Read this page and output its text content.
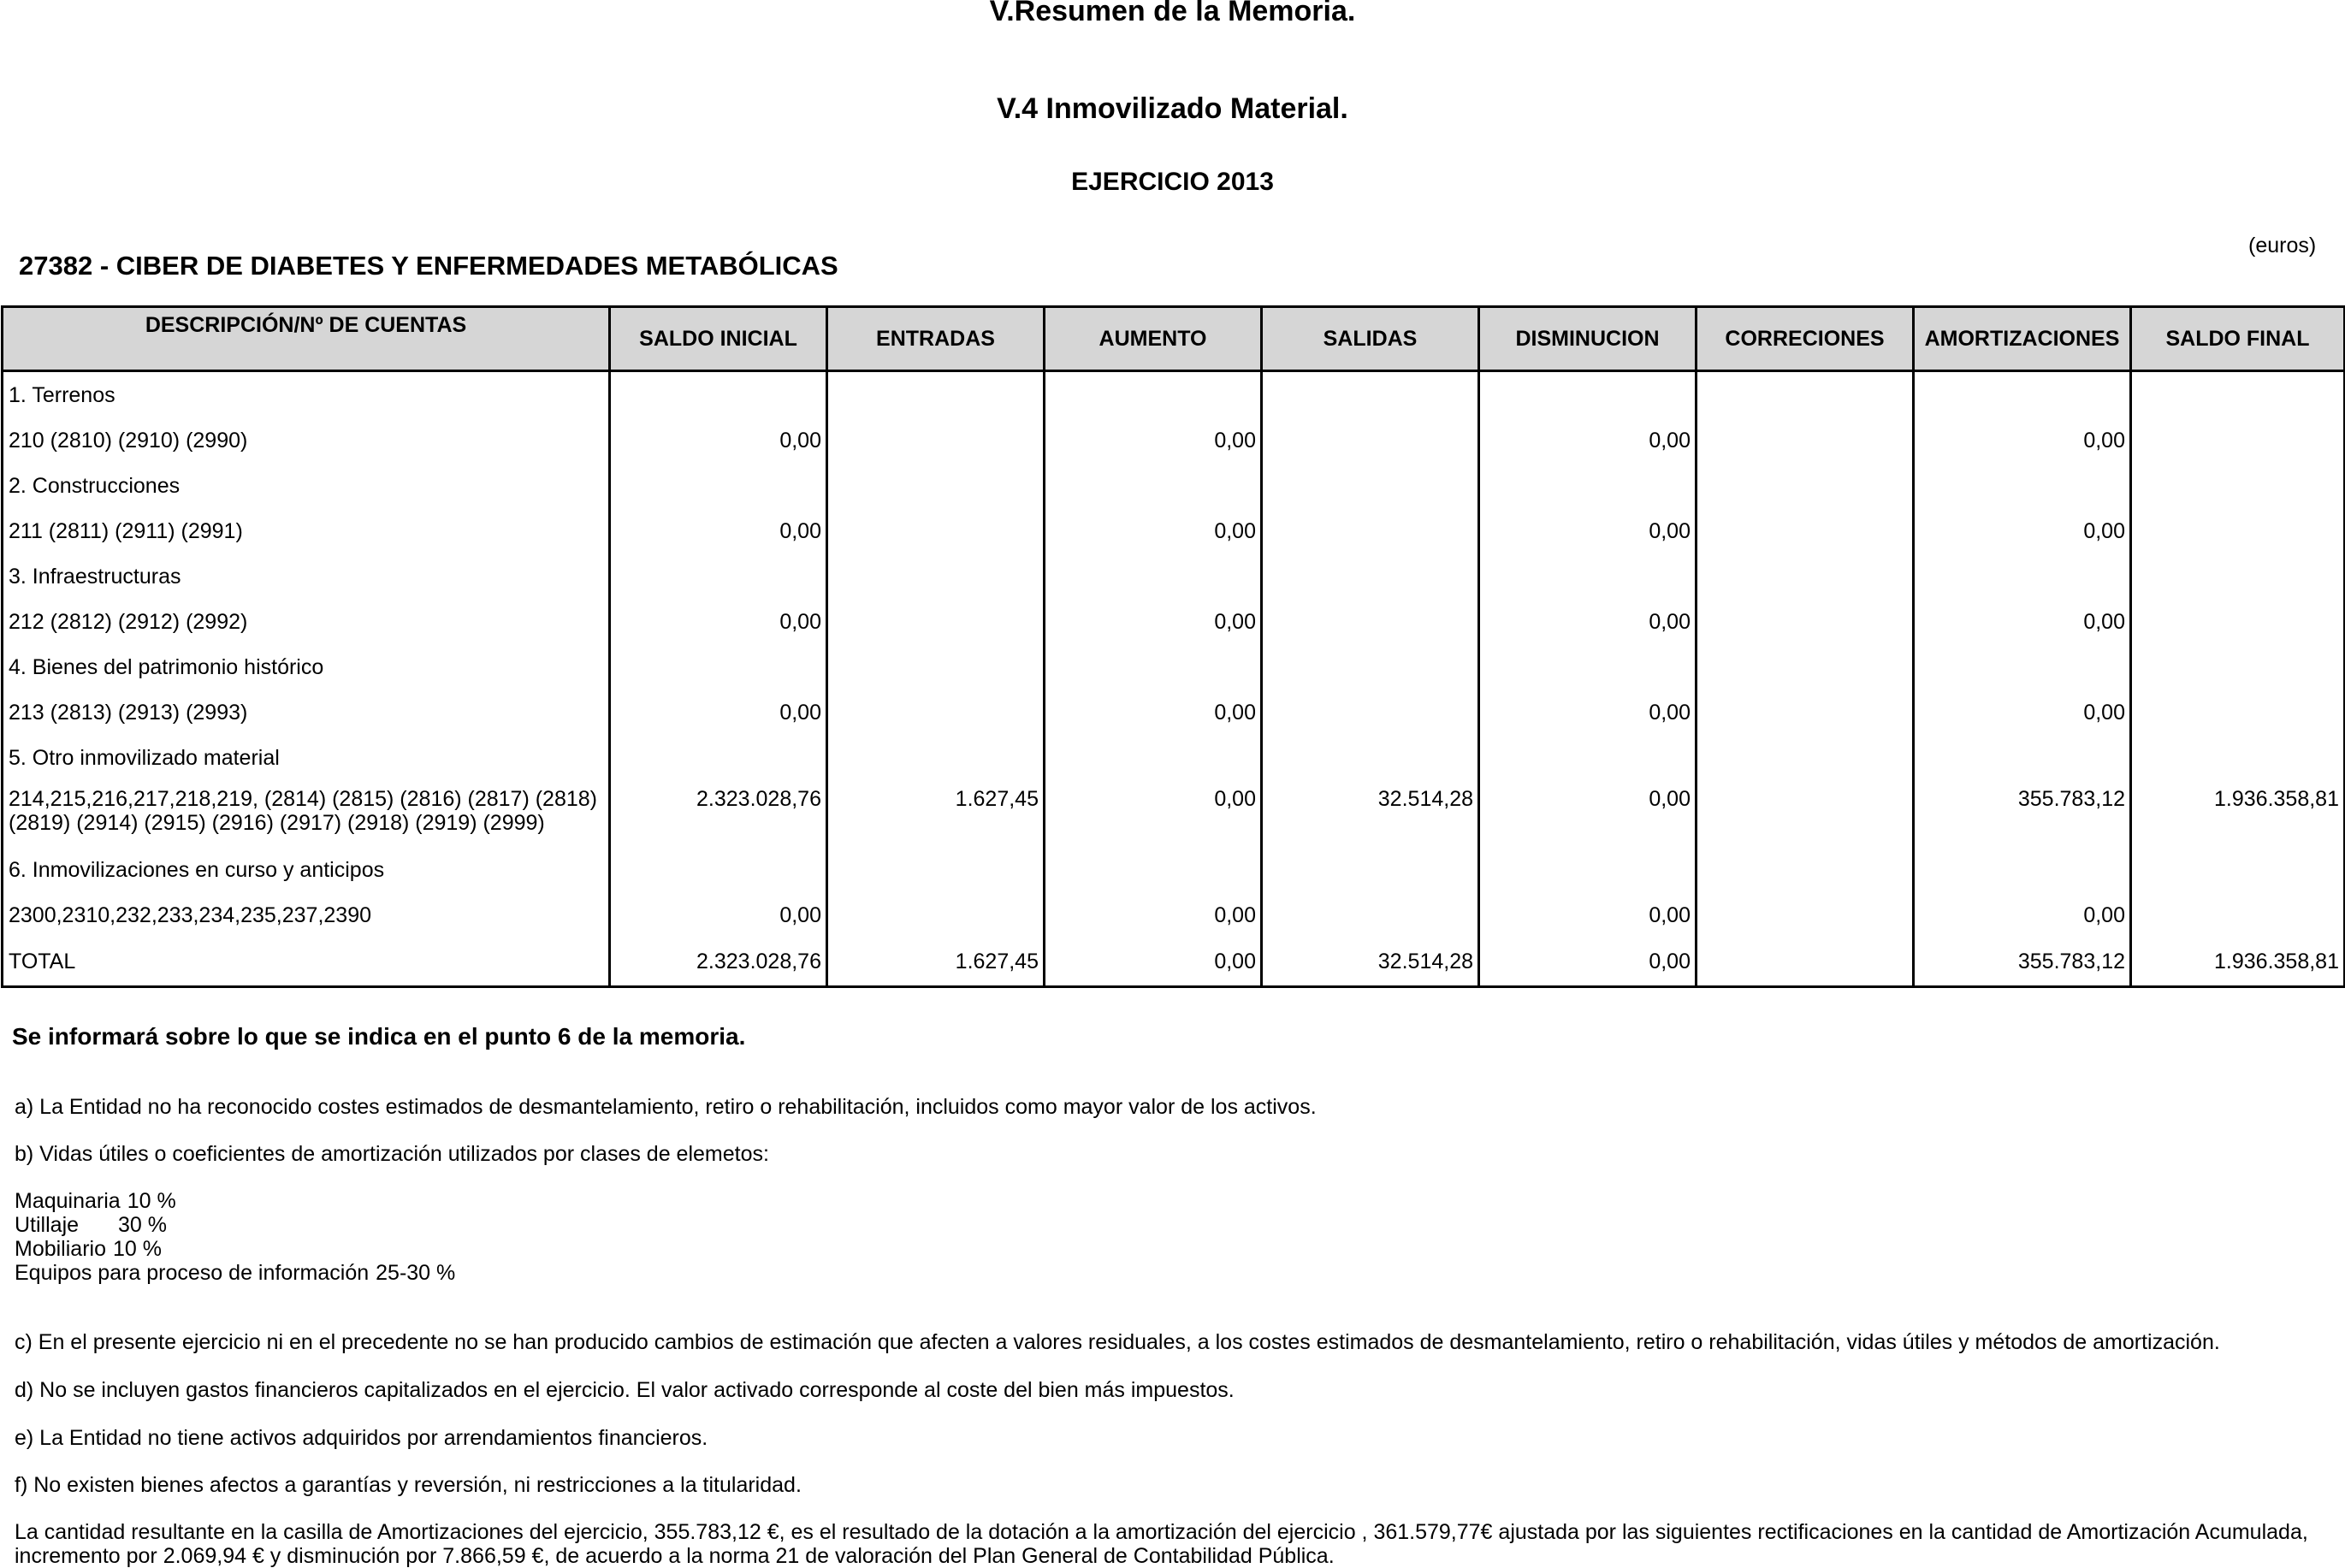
V.Resumen de la Memoria.
V.4 Inmovilizado Material.
EJERCICIO 2013
27382 - CIBER DE DIABETES Y ENFERMEDADES METABÓLICAS
(euros)
DESCRIPCIÓN/Nº DE CUENTAS	SALDO INICIAL	ENTRADAS	AUMENTO	SALIDAS	DISMINUCION	CORRECIONES	AMORTIZACIONES	SALDO FINAL
1. Terrenos								
210 (2810) (2910) (2990)	0,00		0,00		0,00		0,00	
2. Construcciones								
211 (2811) (2911) (2991)	0,00		0,00		0,00		0,00	
3. Infraestructuras								
212 (2812) (2912) (2992)	0,00		0,00		0,00		0,00	
4. Bienes del patrimonio histórico								
213 (2813) (2913) (2993)	0,00		0,00		0,00		0,00	
5. Otro inmovilizado material								
214,215,216,217,218,219, (2814) (2815) (2816) (2817) (2818) (2819) (2914) (2915) (2916) (2917) (2918) (2919) (2999)	2.323.028,76	1.627,45	0,00	32.514,28	0,00		355.783,12	1.936.358,81
6. Inmovilizaciones en curso y anticipos								
2300,2310,232,233,234,235,237,2390	0,00		0,00		0,00		0,00	
TOTAL	2.323.028,76	1.627,45	0,00	32.514,28	0,00		355.783,12	1.936.358,81
Se informará sobre lo que se indica en el punto 6 de la memoria.
a) La Entidad no ha reconocido costes estimados de desmantelamiento, retiro o rehabilitación, incluidos como mayor valor de los activos.
b) Vidas útiles o coeficientes de amortización utilizados por clases de elemetos:
Maquinaria 10 %
Utillaje 30 %
Mobiliario 10 %
Equipos para proceso de información 25-30 %
c) En el presente ejercicio ni en el precedente no se han producido cambios de estimación que afecten a valores residuales, a los costes estimados de desmantelamiento, retiro o rehabilitación, vidas útiles y métodos de amortización.
d) No se incluyen gastos financieros capitalizados en el ejercicio. El valor activado corresponde al coste del bien más impuestos.
e) La Entidad no tiene activos adquiridos por arrendamientos financieros.
f) No existen bienes afectos a garantías y reversión, ni restricciones a la titularidad.
La cantidad resultante en la casilla de Amortizaciones del ejercicio, 355.783,12 €, es el resultado de la dotación a la amortización del ejercicio , 361.579,77€ ajustada por las siguientes rectificaciones en la cantidad de Amortización Acumulada, incremento por 2.069,94 € y disminución por 7.866,59 €, de acuerdo a la norma 21 de valoración del Plan General de Contabilidad Pública.
